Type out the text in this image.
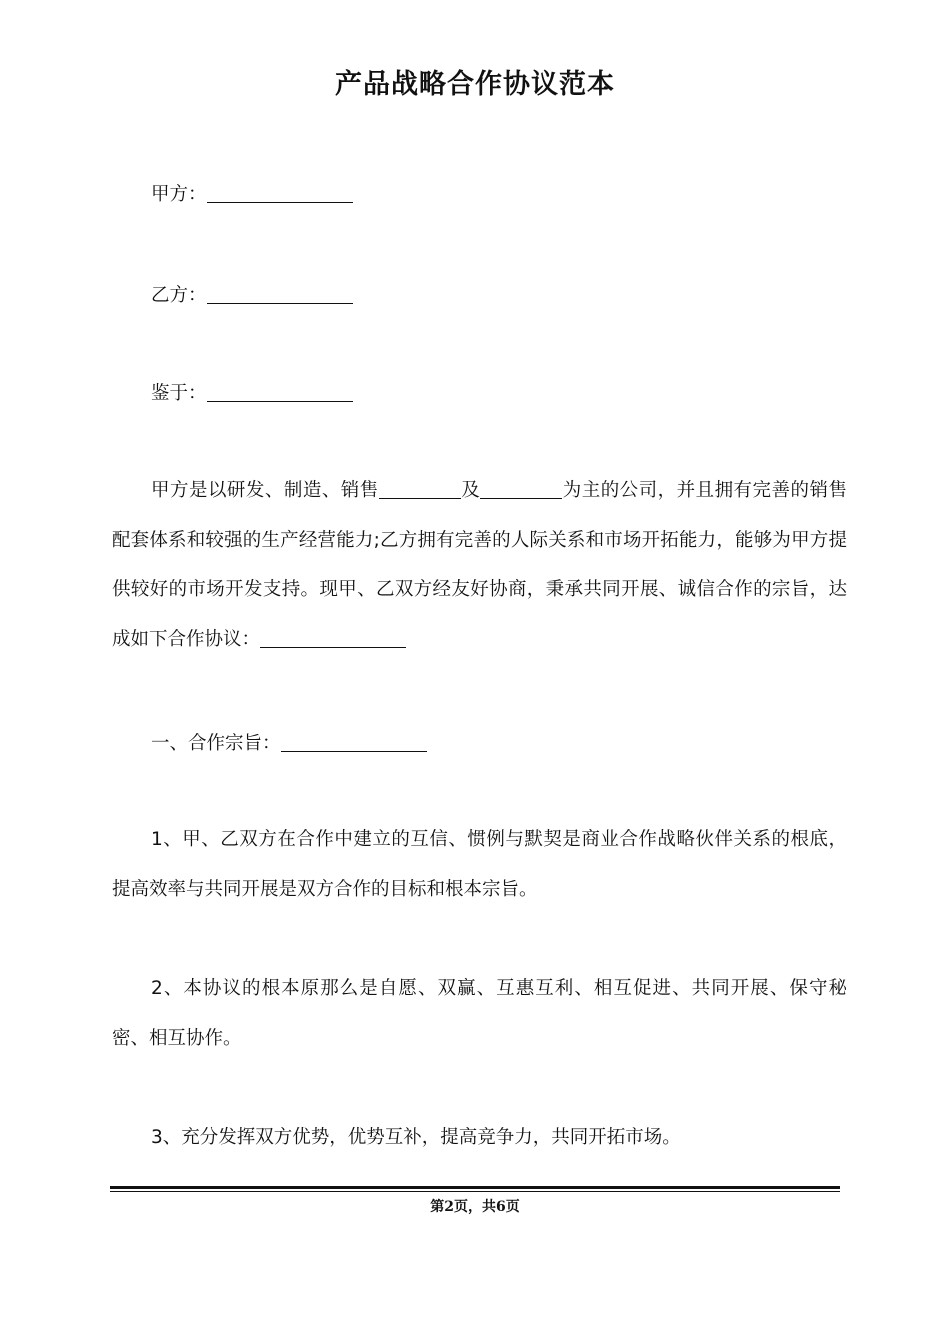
产品战略合作协议范本
甲方：
乙方：
鉴于：

甲方是以研发、制造、销售	及	为主的公司，并且拥有完善的销售配套体系和较强的生产经营能力;乙方拥有完善的人际关系和市场开拓能力，能够为甲方提供较好的市场开发支持。现甲、乙双方经友好协商，秉承共同开展、诚信合作的宗旨，达成如下合作协议：

一、合作宗旨：

1、甲、乙双方在合作中建立的互信、惯例与默契是商业合作战略伙伴关系的根底，提高效率与共同开展是双方合作的目标和根本宗旨。

2、本协议的根本原那么是自愿、双赢、互惠互利、相互促进、共同开展、保守秘密、相互协作。

3、充分发挥双方优势，优势互补，提高竞争力，共同开拓市场。

第2页，共6页
